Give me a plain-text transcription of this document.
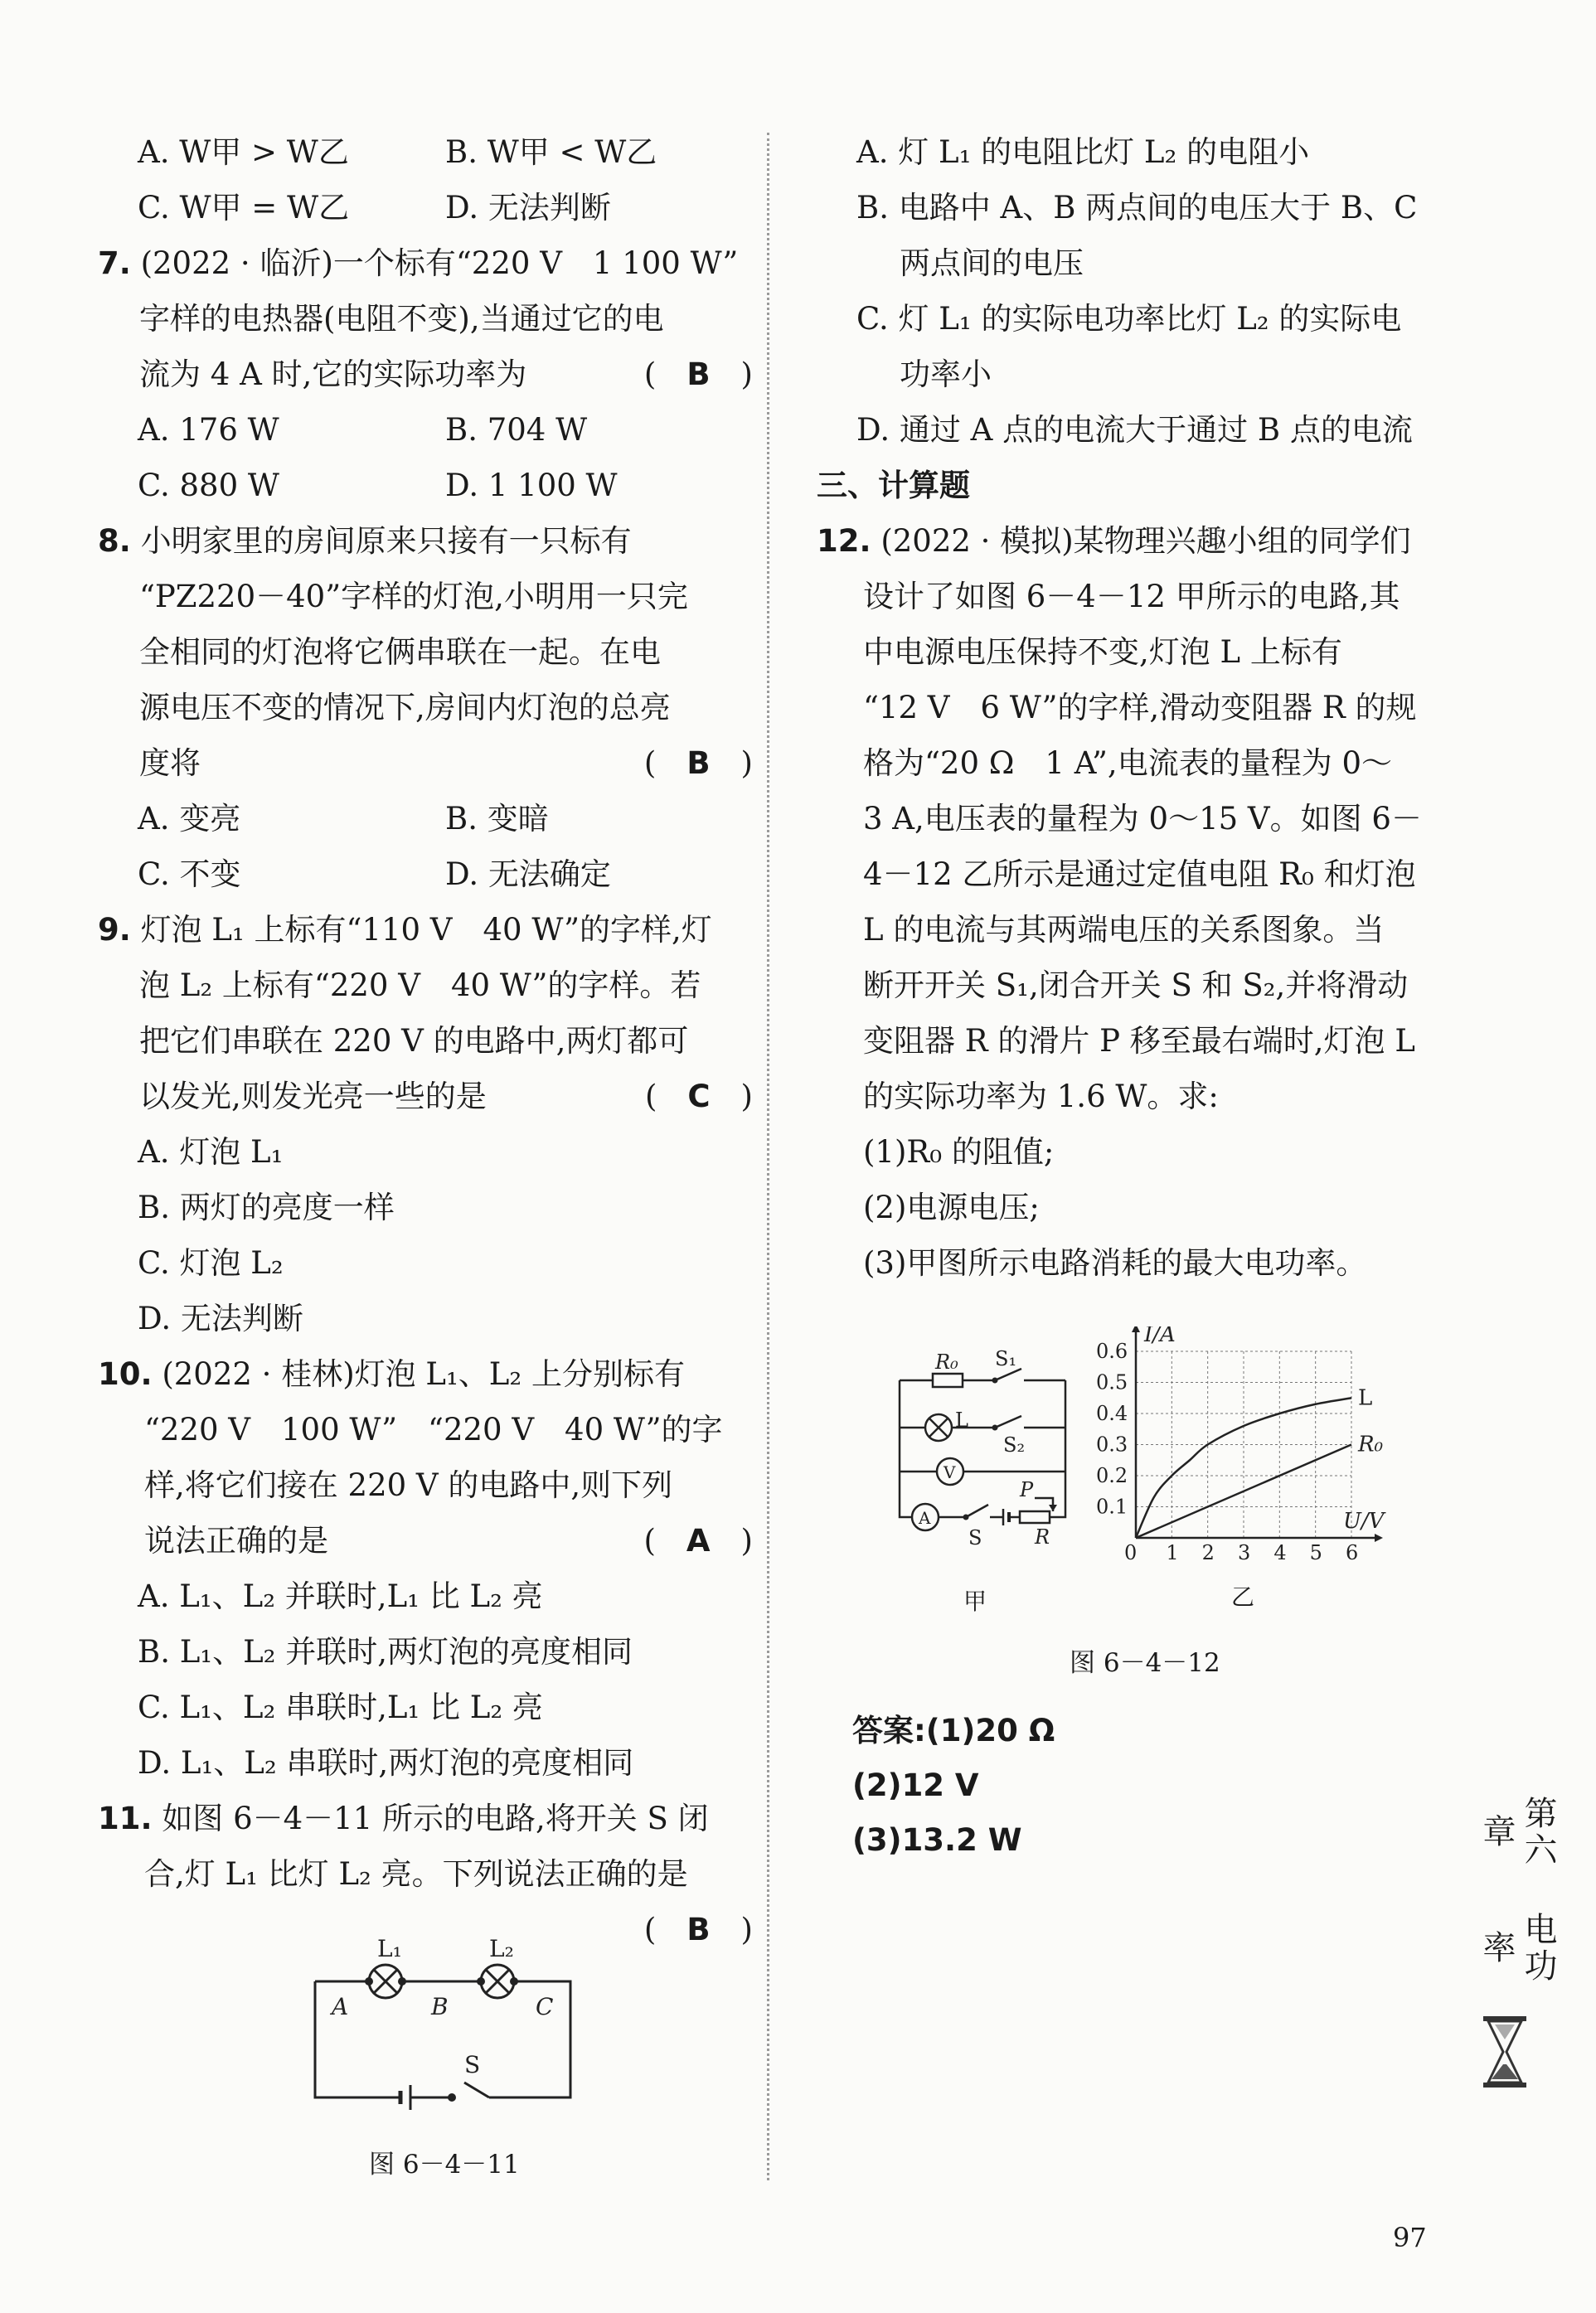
A. W甲 > W乙	B. W甲 < W乙
C. W甲 = W乙	D. 无法判断
7. (2022 · 临沂)一个标有“220 V　1 100 W”
字样的电热器(电阻不变),当通过它的电
流为 4 A 时,它的实际功率为	(　B　)
A. 176 W	B. 704 W
C. 880 W	D. 1 100 W
8. 小明家里的房间原来只接有一只标有
“PZ220－40”字样的灯泡,小明用一只完
全相同的灯泡将它俩串联在一起。在电
源电压不变的情况下,房间内灯泡的总亮
度将	(　B　)
A. 变亮	B. 变暗
C. 不变	D. 无法确定
9. 灯泡 L₁ 上标有“110 V　40 W”的字样,灯
泡 L₂ 上标有“220 V　40 W”的字样。若
把它们串联在 220 V 的电路中,两灯都可
以发光,则发光亮一些的是	(　C　)
A. 灯泡 L₁
B. 两灯的亮度一样
C. 灯泡 L₂
D. 无法判断
10. (2022 · 桂林)灯泡 L₁、L₂ 上分别标有
“220 V　100 W”　“220 V　40 W”的字
样,将它们接在 220 V 的电路中,则下列
说法正确的是	(　A　)
A. L₁、L₂ 并联时,L₁ 比 L₂ 亮
B. L₁、L₂ 并联时,两灯泡的亮度相同
C. L₁、L₂ 串联时,L₁ 比 L₂ 亮
D. L₁、L₂ 串联时,两灯泡的亮度相同
11. 如图 6－4－11 所示的电路,将开关 S 闭
合,灯 L₁ 比灯 L₂ 亮。下列说法正确的是
(　B　)
L₁	L₂
A	B	C
S
图 6－4－11
A. 灯 L₁ 的电阻比灯 L₂ 的电阻小
B. 电路中 A、B 两点间的电压大于 B、C
两点间的电压
C. 灯 L₁ 的实际电功率比灯 L₂ 的实际电
功率小
D. 通过 A 点的电流大于通过 B 点的电流
三、计算题
12. (2022 · 模拟)某物理兴趣小组的同学们
设计了如图 6－4－12 甲所示的电路,其
中电源电压保持不变,灯泡 L 上标有
“12 V　6 W”的字样,滑动变阻器 R 的规
格为“20 Ω　1 A”,电流表的量程为 0～
3 A,电压表的量程为 0～15 V。如图 6－
4－12 乙所示是通过定值电阻 R₀ 和灯泡
L 的电流与其两端电压的关系图象。当
断开开关 S₁,闭合开关 S 和 S₂,并将滑动
变阻器 R 的滑片 P 移至最右端时,灯泡 L
的实际功率为 1.6 W。求:
(1)R₀ 的阻值;
(2)电源电压;
(3)甲图所示电路消耗的最大电功率。
R₀ S₁
L
S₂
V
A
S
P
R
甲
0 1 2 3 4 5 6
0.1
0.2
0.3
0.4
0.5
0.6
U/V
I/A
L
R₀
乙
图 6－4－12
答案:(1)20 Ω
(2)12 V
(3)13.2 W	第六章
电功率
97
